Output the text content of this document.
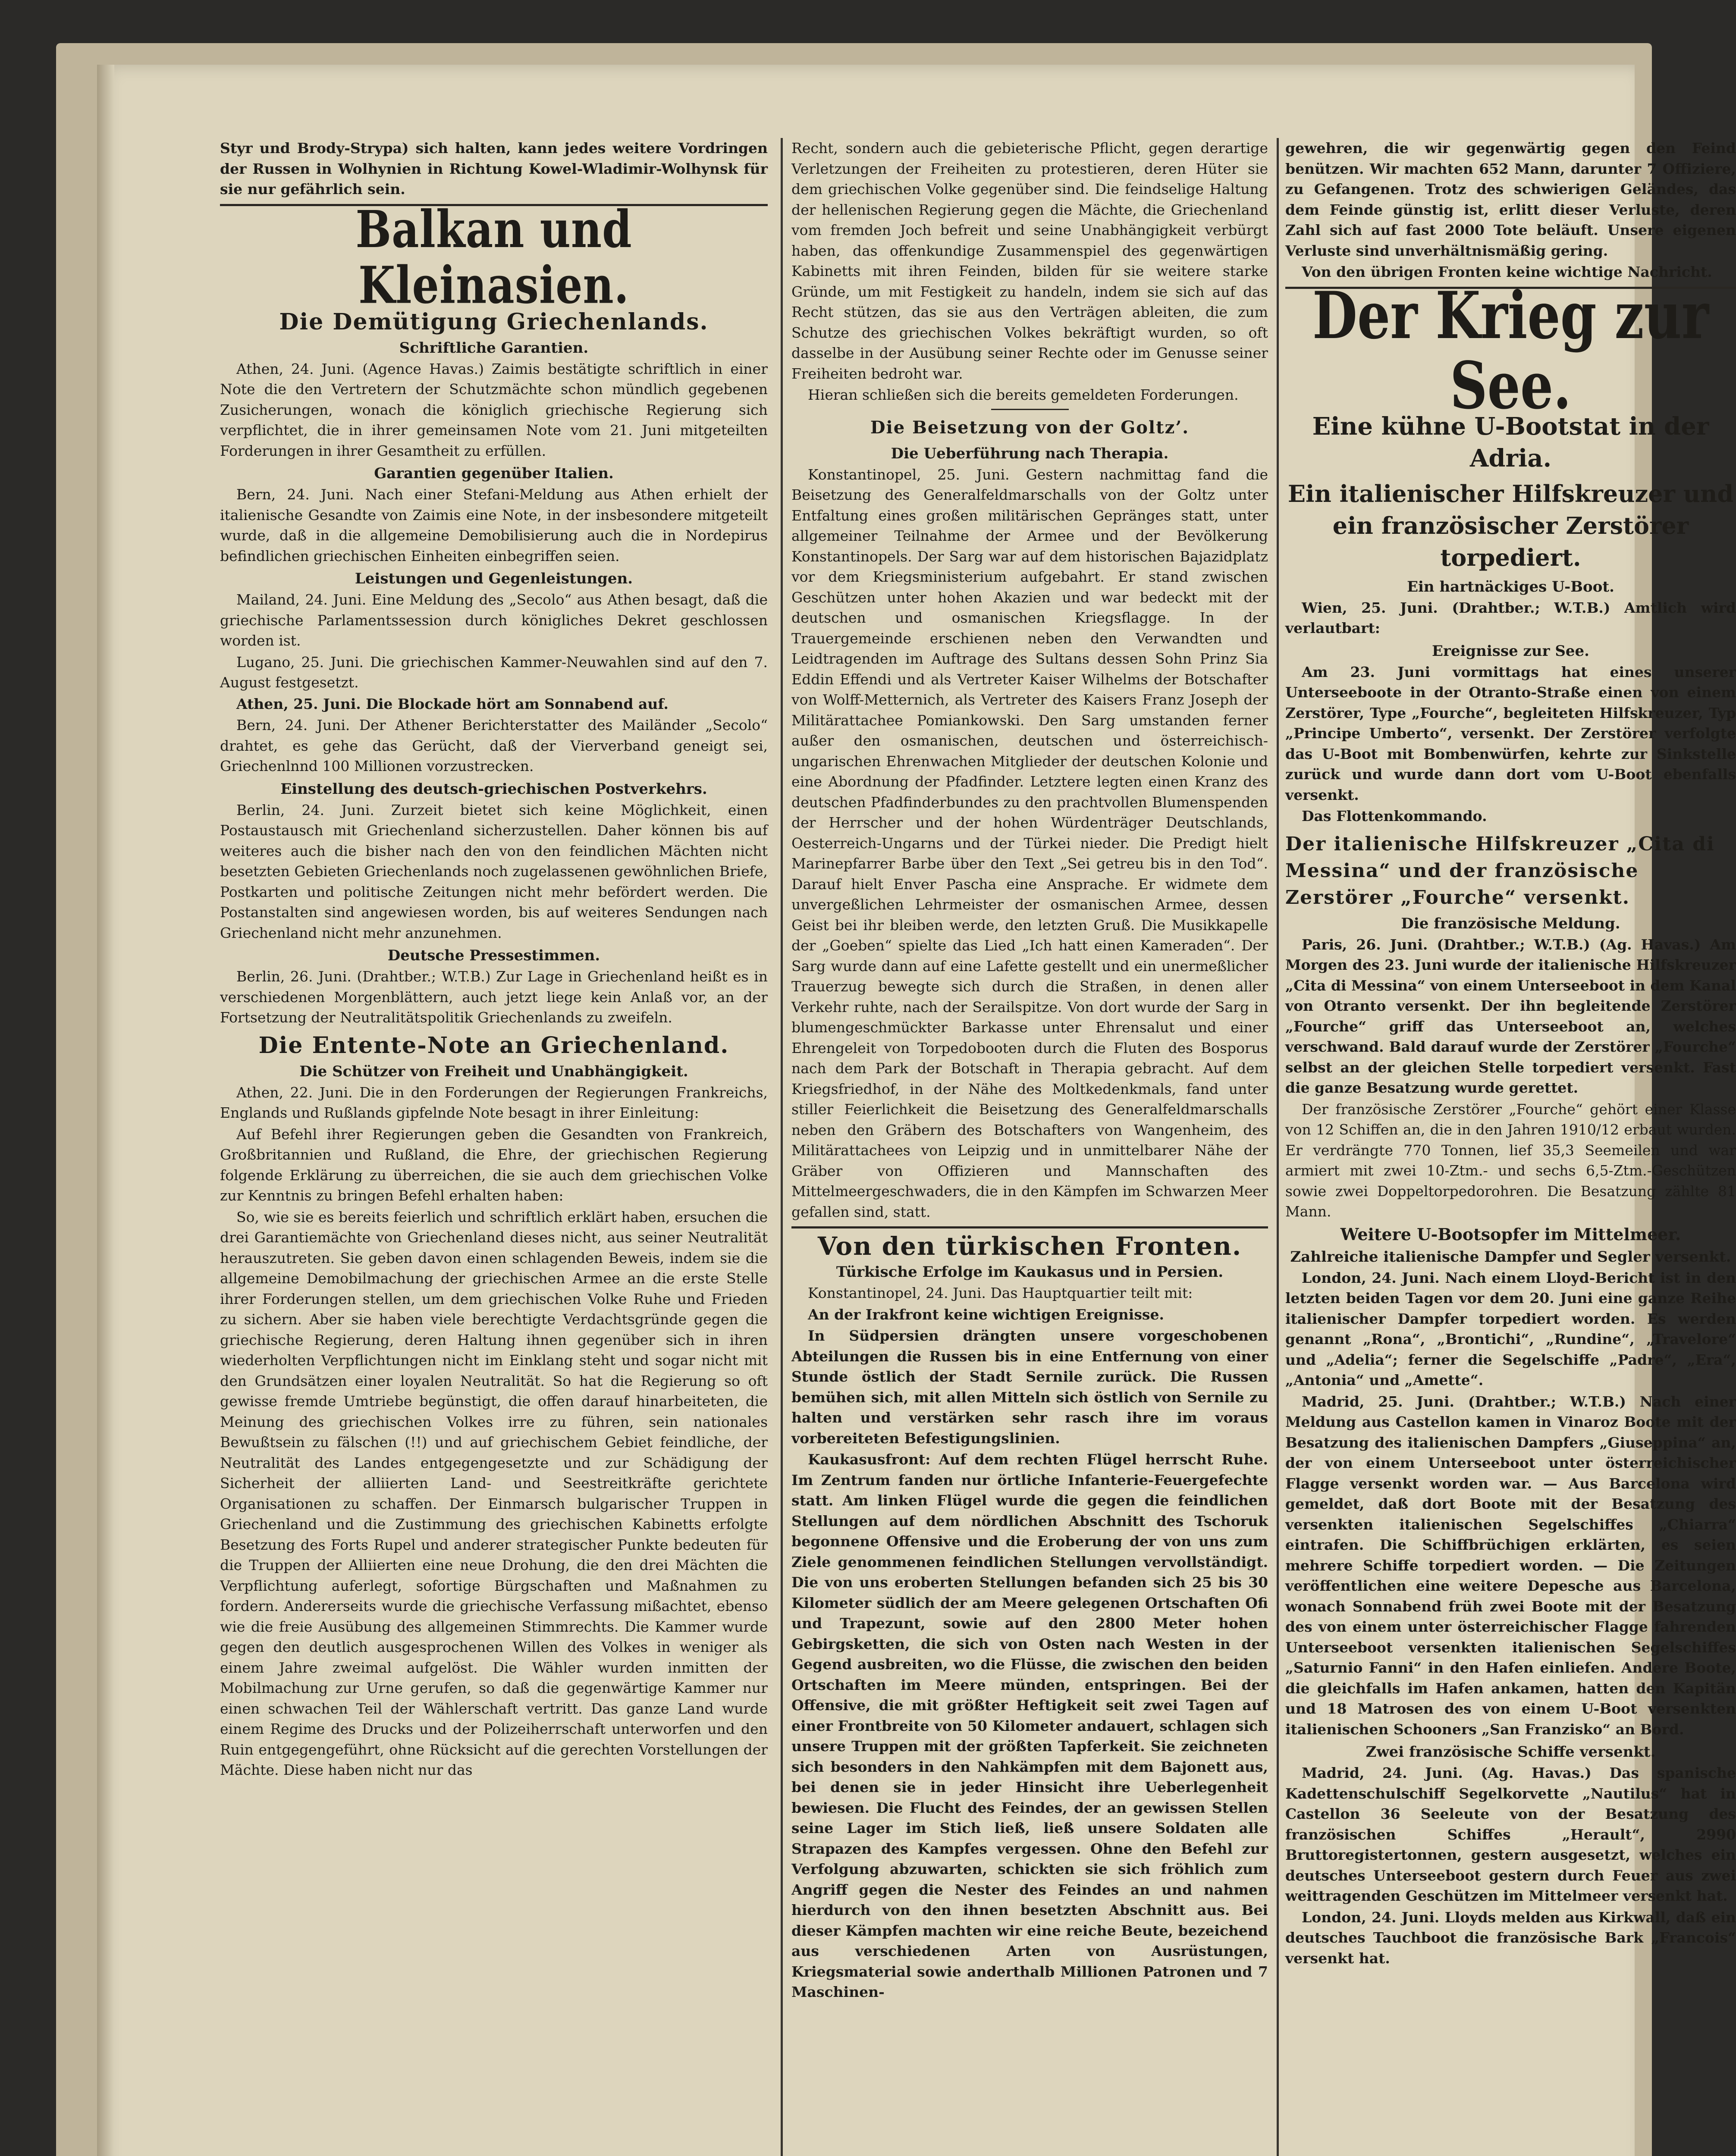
Styr und Brody-Strypa) sich halten, kann jedes weitere Vordringen der Russen in Wolhynien in Richtung Kowel-Wladimir-Wolhynsk für sie nur gefährlich sein.

Balkan und Kleinasien.
Die Demütigung Griechenlands.
Schriftliche Garantien.

Athen, 24. Juni. (Agence Havas.) Zaimis bestätigte schriftlich in einer Note die den Vertretern der Schutzmächte schon mündlich gegebenen Zusicherungen, wonach die königlich griechische Regierung sich verpflichtet, die in ihrer gemeinsamen Note vom 21. Juni mitgeteilten Forderungen in ihrer Gesamtheit zu erfüllen.

Garantien gegenüber Italien.

Bern, 24. Juni. Nach einer Stefani-Meldung aus Athen erhielt der italienische Gesandte von Zaimis eine Note, in der insbesondere mitgeteilt wurde, daß in die allgemeine Demobilisierung auch die in Nordepirus befindlichen griechischen Einheiten einbegriffen seien.

Leistungen und Gegenleistungen.

Mailand, 24. Juni. Eine Meldung des „Secolo“ aus Athen besagt, daß die griechische Parlamentssession durch königliches Dekret geschlossen worden ist.

Lugano, 25. Juni. Die griechischen Kammer-Neuwahlen sind auf den 7. August festgesetzt.

Athen, 25. Juni. Die Blockade hört am Sonnabend auf.

Bern, 24. Juni. Der Athener Berichterstatter des Mailänder „Secolo“ drahtet, es gehe das Gerücht, daß der Vierverband geneigt sei, Griechenlnnd 100 Millionen vorzustrecken.

Einstellung des deutsch-griechischen Postverkehrs.

Berlin, 24. Juni. Zurzeit bietet sich keine Möglichkeit, einen Postaustausch mit Griechenland sicherzustellen. Daher können bis auf weiteres auch die bisher nach den von den feindlichen Mächten nicht besetzten Gebieten Griechenlands noch zugelassenen gewöhnlichen Briefe, Postkarten und politische Zeitungen nicht mehr befördert werden. Die Postanstalten sind angewiesen worden, bis auf weiteres Sendungen nach Griechenland nicht mehr anzunehmen.

Deutsche Pressestimmen.

Berlin, 26. Juni. (Drahtber.; W.T.B.) Zur Lage in Griechenland heißt es in verschiedenen Morgenblättern, auch jetzt liege kein Anlaß vor, an der Fortsetzung der Neutralitätspolitik Griechenlands zu zweifeln.

Die Entente-Note an Griechenland.
Die Schützer von Freiheit und Unabhängigkeit.

Athen, 22. Juni. Die in den Forderungen der Regierungen Frankreichs, Englands und Rußlands gipfelnde Note besagt in ihrer Einleitung:

Auf Befehl ihrer Regierungen geben die Gesandten von Frankreich, Großbritannien und Rußland, die Ehre, der griechischen Regierung folgende Erklärung zu überreichen, die sie auch dem griechischen Volke zur Kenntnis zu bringen Befehl erhalten haben:

So, wie sie es bereits feierlich und schriftlich erklärt haben, ersuchen die drei Garantiemächte von Griechenland dieses nicht, aus seiner Neutralität herauszutreten. Sie geben davon einen schlagenden Beweis, indem sie die allgemeine Demobilmachung der griechischen Armee an die erste Stelle ihrer Forderungen stellen, um dem griechischen Volke Ruhe und Frieden zu sichern. Aber sie haben viele berechtigte Verdachtsgründe gegen die griechische Regierung, deren Haltung ihnen gegenüber sich in ihren wiederholten Verpflichtungen nicht im Einklang steht und sogar nicht mit den Grundsätzen einer loyalen Neutralität. So hat die Regierung so oft gewisse fremde Umtriebe begünstigt, die offen darauf hinarbeiteten, die Meinung des griechischen Volkes irre zu führen, sein nationales Bewußtsein zu fälschen (!!) und auf griechischem Gebiet feindliche, der Neutralität des Landes entgegengesetzte und zur Schädigung der Sicherheit der alliierten Land- und Seestreitkräfte gerichtete Organisationen zu schaffen. Der Einmarsch bulgarischer Truppen in Griechenland und die Zustimmung des griechischen Kabinetts erfolgte Besetzung des Forts Rupel und anderer strategischer Punkte bedeuten für die Truppen der Alliierten eine neue Drohung, die den drei Mächten die Verpflichtung auferlegt, sofortige Bürgschaften und Maßnahmen zu fordern. Andererseits wurde die griechische Verfassung mißachtet, ebenso wie die freie Ausübung des allgemeinen Stimmrechts. Die Kammer wurde gegen den deutlich ausgesprochenen Willen des Volkes in weniger als einem Jahre zweimal aufgelöst. Die Wähler wurden inmitten der Mobilmachung zur Urne gerufen, so daß die gegenwärtige Kammer nur einen schwachen Teil der Wählerschaft vertritt. Das ganze Land wurde einem Regime des Drucks und der Polizeiherrschaft unterworfen und den Ruin entgegengeführt, ohne Rücksicht auf die gerechten Vorstellungen der Mächte. Diese haben nicht nur das

Recht, sondern auch die gebieterische Pflicht, gegen derartige Verletzungen der Freiheiten zu protestieren, deren Hüter sie dem griechischen Volke gegenüber sind. Die feindselige Haltung der hellenischen Regierung gegen die Mächte, die Griechenland vom fremden Joch befreit und seine Unabhängigkeit verbürgt haben, das offenkundige Zusammenspiel des gegenwärtigen Kabinetts mit ihren Feinden, bilden für sie weitere starke Gründe, um mit Festigkeit zu handeln, indem sie sich auf das Recht stützen, das sie aus den Verträgen ableiten, die zum Schutze des griechischen Volkes bekräftigt wurden, so oft dasselbe in der Ausübung seiner Rechte oder im Genusse seiner Freiheiten bedroht war.

Hieran schließen sich die bereits gemeldeten Forderungen.

Die Beisetzung von der Goltz’.
Die Ueberführung nach Therapia.

Konstantinopel, 25. Juni. Gestern nachmittag fand die Beisetzung des Generalfeldmarschalls von der Goltz unter Entfaltung eines großen militärischen Gepränges statt, unter allgemeiner Teilnahme der Armee und der Bevölkerung Konstantinopels. Der Sarg war auf dem historischen Bajazidplatz vor dem Kriegsministerium aufgebahrt. Er stand zwischen Geschützen unter hohen Akazien und war bedeckt mit der deutschen und osmanischen Kriegsflagge. In der Trauergemeinde erschienen neben den Verwandten und Leidtragenden im Auftrage des Sultans dessen Sohn Prinz Sia Eddin Effendi und als Vertreter Kaiser Wilhelms der Botschafter von Wolff-Metternich, als Vertreter des Kaisers Franz Joseph der Militärattachee Pomiankowski. Den Sarg umstanden ferner außer den osmanischen, deutschen und österreichisch-ungarischen Ehrenwachen Mitglieder der deutschen Kolonie und eine Abordnung der Pfadfinder. Letztere legten einen Kranz des deutschen Pfadfinderbundes zu den prachtvollen Blumenspenden der Herrscher und der hohen Würdenträger Deutschlands, Oesterreich-Ungarns und der Türkei nieder. Die Predigt hielt Marinepfarrer Barbe über den Text „Sei getreu bis in den Tod“. Darauf hielt Enver Pascha eine Ansprache. Er widmete dem unvergeßlichen Lehrmeister der osmanischen Armee, dessen Geist bei ihr bleiben werde, den letzten Gruß. Die Musikkapelle der „Goeben“ spielte das Lied „Ich hatt einen Kameraden“. Der Sarg wurde dann auf eine Lafette gestellt und ein unermeßlicher Trauerzug bewegte sich durch die Straßen, in denen aller Verkehr ruhte, nach der Serailspitze. Von dort wurde der Sarg in blumengeschmückter Barkasse unter Ehrensalut und einer Ehrengeleit von Torpedobooten durch die Fluten des Bosporus nach dem Park der Botschaft in Therapia gebracht. Auf dem Kriegsfriedhof, in der Nähe des Moltkedenkmals, fand unter stiller Feierlichkeit die Beisetzung des Generalfeldmarschalls neben den Gräbern des Botschafters von Wangenheim, des Militärattachees von Leipzig und in unmittelbarer Nähe der Gräber von Offizieren und Mannschaften des Mittelmeergeschwaders, die in den Kämpfen im Schwarzen Meer gefallen sind, statt.

Von den türkischen Fronten.
Türkische Erfolge im Kaukasus und in Persien.

Konstantinopel, 24. Juni. Das Hauptquartier teilt mit:

An der Irakfront keine wichtigen Ereignisse.

In Südpersien drängten unsere vorgeschobenen Abteilungen die Russen bis in eine Entfernung von einer Stunde östlich der Stadt Sernile zurück. Die Russen bemühen sich, mit allen Mitteln sich östlich von Sernile zu halten und verstärken sehr rasch ihre im voraus vorbereiteten Befestigungslinien.

Kaukasusfront: Auf dem rechten Flügel herrscht Ruhe. Im Zentrum fanden nur örtliche Infanterie-Feuergefechte statt. Am linken Flügel wurde die gegen die feindlichen Stellungen auf dem nördlichen Abschnitt des Tschoruk begonnene Offensive und die Eroberung der von uns zum Ziele genommenen feindlichen Stellungen vervollständigt. Die von uns eroberten Stellungen befanden sich 25 bis 30 Kilometer südlich der am Meere gelegenen Ortschaften Ofi und Trapezunt, sowie auf den 2800 Meter hohen Gebirgsketten, die sich von Osten nach Westen in der Gegend ausbreiten, wo die Flüsse, die zwischen den beiden Ortschaften im Meere münden, entspringen. Bei der Offensive, die mit größter Heftigkeit seit zwei Tagen auf einer Frontbreite von 50 Kilometer andauert, schlagen sich unsere Truppen mit der größten Tapferkeit. Sie zeichneten sich besonders in den Nahkämpfen mit dem Bajonett aus, bei denen sie in jeder Hinsicht ihre Ueberlegenheit bewiesen. Die Flucht des Feindes, der an gewissen Stellen seine Lager im Stich ließ, ließ unsere Soldaten alle Strapazen des Kampfes vergessen. Ohne den Befehl zur Verfolgung abzuwarten, schickten sie sich fröhlich zum Angriff gegen die Nester des Feindes an und nahmen hierdurch von den ihnen besetzten Abschnitt aus. Bei dieser Kämpfen machten wir eine reiche Beute, bezeichend aus verschiedenen Arten von Ausrüstungen, Kriegsmaterial sowie anderthalb Millionen Patronen und 7 Maschinen-

gewehren, die wir gegenwärtig gegen den Feind benützen. Wir machten 652 Mann, darunter 7 Offiziere, zu Gefangenen. Trotz des schwierigen Geländes, das dem Feinde günstig ist, erlitt dieser Verluste, deren Zahl sich auf fast 2000 Tote beläuft. Unsere eigenen Verluste sind unverhältnismäßig gering.

Von den übrigen Fronten keine wichtige Nachricht.

Der Krieg zur See.
Eine kühne U-Bootstat in der Adria.
Ein italienischer Hilfskreuzer und ein französischer Zerstörer torpediert.
Ein hartnäckiges U-Boot.

Wien, 25. Juni. (Drahtber.; W.T.B.) Amtlich wird verlautbart:

Ereignisse zur See.

Am 23. Juni vormittags hat eines unserer Unterseeboote in der Otranto-Straße einen von einem Zerstörer, Type „Fourche“, begleiteten Hilfskreuzer, Typ „Principe Umberto“, versenkt. Der Zerstörer verfolgte das U-Boot mit Bombenwürfen, kehrte zur Sinkstelle zurück und wurde dann dort vom U-Boot ebenfalls versenkt.

Das Flottenkommando.

Der italienische Hilfskreuzer „Cita di Messina“ und der französische Zerstörer „Fourche“ versenkt.
Die französische Meldung.

Paris, 26. Juni. (Drahtber.; W.T.B.) (Ag. Havas.) Am Morgen des 23. Juni wurde der italienische Hilfskreuzer „Cita di Messina“ von einem Unterseeboot in dem Kanal von Otranto versenkt. Der ihn begleitende Zerstörer „Fourche“ griff das Unterseeboot an, welches verschwand. Bald darauf wurde der Zerstörer „Fourche“ selbst an der gleichen Stelle torpediert versenkt. Fast die ganze Besatzung wurde gerettet.

Der französische Zerstörer „Fourche“ gehört einer Klasse von 12 Schiffen an, die in den Jahren 1910/12 erbaut wurden. Er verdrängte 770 Tonnen, lief 35,3 Seemeilen und war armiert mit zwei 10-Ztm.- und sechs 6,5-Ztm.-Geschützen sowie zwei Doppeltorpedorohren. Die Besatzung zählte 81 Mann.

Weitere U-Bootsopfer im Mittelmeer.
Zahlreiche italienische Dampfer und Segler versenkt.

London, 24. Juni. Nach einem Lloyd-Bericht ist in den letzten beiden Tagen vor dem 20. Juni eine ganze Reihe italienischer Dampfer torpediert worden. Es werden genannt „Rona“, „Brontichi“, „Rundine“, „Travelore“ und „Adelia“; ferner die Segelschiffe „Padre“, „Era“, „Antonia“ und „Amette“.

Madrid, 25. Juni. (Drahtber.; W.T.B.) Nach einer Meldung aus Castellon kamen in Vinaroz Boote mit der Besatzung des italienischen Dampfers „Giuseppina“ an, der von einem Unterseeboot unter österreichischer Flagge versenkt worden war. — Aus Barcelona wird gemeldet, daß dort Boote mit der Besatzung des versenkten italienischen Segelschiffes „Chiarra“ eintrafen. Die Schiffbrüchigen erklärten, es seien mehrere Schiffe torpediert worden. — Die Zeitungen veröffentlichen eine weitere Depesche aus Barcelona, wonach Sonnabend früh zwei Boote mit der Besatzung des von einem unter österreichischer Flagge fahrenden Unterseeboot versenkten italienischen Segelschiffes „Saturnio Fanni“ in den Hafen einliefen. Andere Boote, die gleichfalls im Hafen ankamen, hatten den Kapitän und 18 Matrosen des von einem U-Boot versenkten italienischen Schooners „San Franzisko“ an Bord.

Zwei französische Schiffe versenkt.

Madrid, 24. Juni. (Ag. Havas.) Das spanische Kadettenschulschiff Segelkorvette „Nautilus“ hat in Castellon 36 Seeleute von der Besatzung des französischen Schiffes „Herault“, 2990 Bruttoregistertonnen, gestern ausgesetzt, welches ein deutsches Unterseeboot gestern durch Feuer aus zwei weittragenden Geschützen im Mittelmeer versenkt hat.

London, 24. Juni. Lloyds melden aus Kirkwall, daß ein deutsches Tauchboot die französische Bark „Francois“ versenkt hat.
